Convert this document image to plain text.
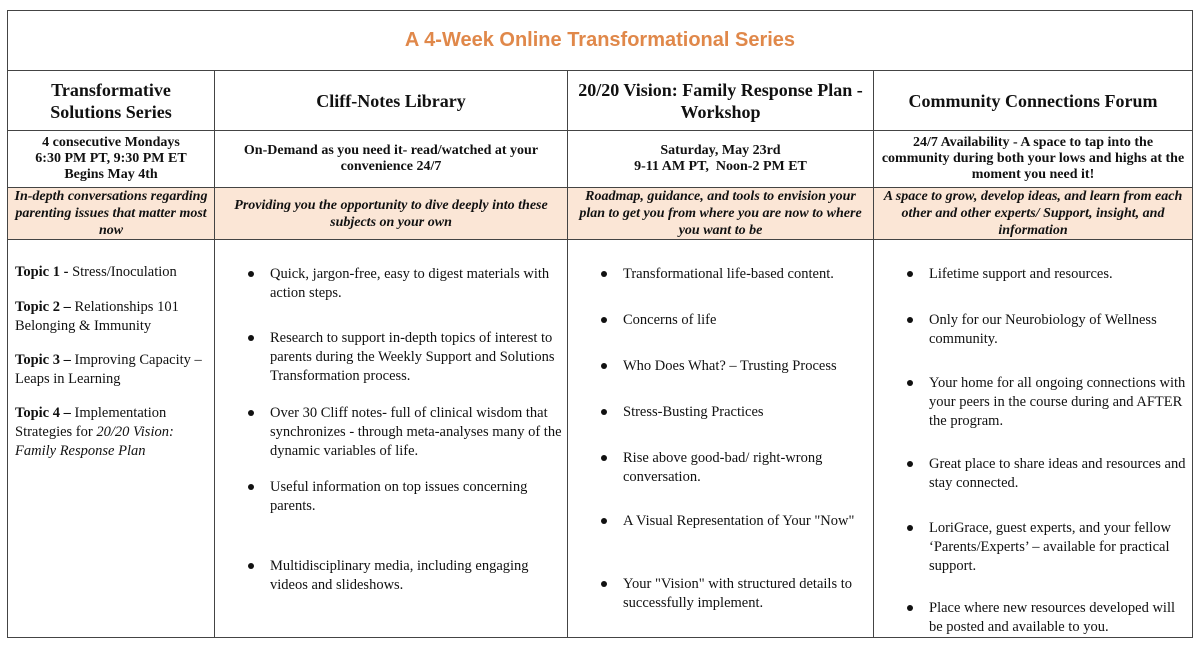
A 4-Week Online Transformational Series
Transformative Solutions Series
4 consecutive Mondays
6:30 PM PT, 9:30 PM ET
Begins May 4th
In-depth conversations regarding parenting issues that matter most now
Topic 1 - Stress/Inoculation
Topic 2 – Relationships 101 Belonging & Immunity
Topic 3 – Improving Capacity – Leaps in Learning
Topic 4 – Implementation Strategies for 20/20 Vision: Family Response Plan
Cliff-Notes Library
On-Demand as you need it- read/watched at your convenience 24/7
Providing you the opportunity to dive deeply into these subjects on your own
Quick, jargon-free, easy to digest materials with action steps.
Research to support in-depth topics of interest to parents during the Weekly Support and Solutions Transformation process.
Over 30 Cliff notes- full of clinical wisdom that synchronizes - through meta-analyses many of the dynamic variables of life.
Useful information on top issues concerning parents.
Multidisciplinary media, including engaging videos and slideshows.
20/20 Vision: Family Response Plan - Workshop
Saturday, May 23rd
9-11 AM PT,  Noon-2 PM ET
Roadmap, guidance, and tools to envision your plan to get you from where you are now to where you want to be
Transformational life-based content.
Concerns of life
Who Does What? – Trusting Process
Stress-Busting Practices
Rise above good-bad/ right-wrong conversation.
A Visual Representation of Your "Now"
Your "Vision" with structured details to successfully implement.
Community Connections Forum
24/7 Availability - A space to tap into the community during both your lows and highs at the moment you need it!
A space to grow, develop ideas, and learn from each other and other experts/ Support, insight, and information
Lifetime support and resources.
Only for our Neurobiology of Wellness community.
Your home for all ongoing connections with your peers in the course during and AFTER the program.
Great place to share ideas and resources and stay connected.
LoriGrace, guest experts, and your fellow ‘Parents/Experts’ – available for practical support.
Place where new resources developed will be posted and available to you.
